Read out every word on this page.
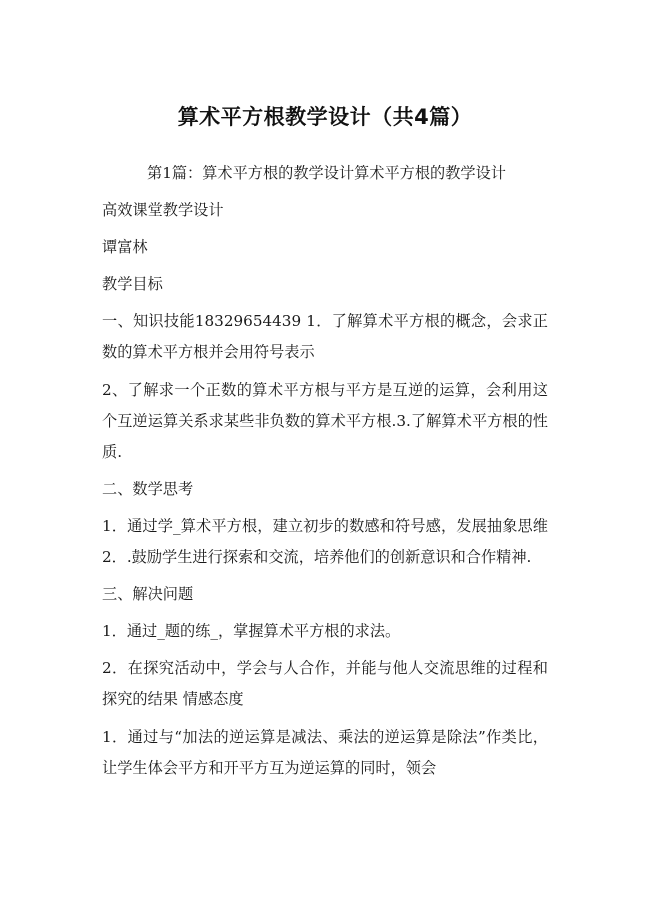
算术平方根教学设计（共4篇）

第1篇：算术平方根的教学设计算术平方根的教学设计

高效课堂教学设计

谭富林

教学目标

一、知识技能18329654439 1．了解算术平方根的概念，会求正数的算术平方根并会用符号表示

2、了解求一个正数的算术平方根与平方是互逆的运算，会利用这个互逆运算关系求某些非负数的算术平方根.3.了解算术平方根的性质.

二、数学思考

1．通过学_算术平方根，建立初步的数感和符号感，发展抽象思维 2．.鼓励学生进行探索和交流，培养他们的创新意识和合作精神.

三、解决问题

1．通过_题的练_，掌握算术平方根的求法。

2．在探究活动中，学会与人合作，并能与他人交流思维的过程和探究的结果 情感态度

1．通过与“加法的逆运算是减法、乘法的逆运算是除法”作类比，让学生体会平方和开平方互为逆运算的同时，领会
